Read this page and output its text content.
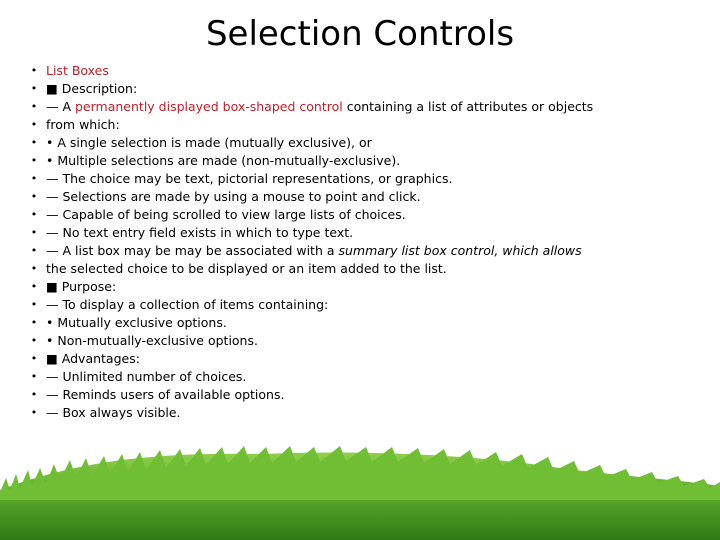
Selection Controls
• List Boxes
• ■ Description:
• — A permanently displayed box-shaped control containing a list of attributes or objects
• from which:
• • A single selection is made (mutually exclusive), or
• • Multiple selections are made (non-mutually-exclusive).
• — The choice may be text, pictorial representations, or graphics.
• — Selections are made by using a mouse to point and click.
• — Capable of being scrolled to view large lists of choices.
• — No text entry field exists in which to type text.
• — A list box may be may be associated with a summary list box control, which allows
• the selected choice to be displayed or an item added to the list.
• ■ Purpose:
• — To display a collection of items containing:
• • Mutually exclusive options.
• • Non-mutually-exclusive options.
• ■ Advantages:
• — Unlimited number of choices.
• — Reminds users of available options.
• — Box always visible.
